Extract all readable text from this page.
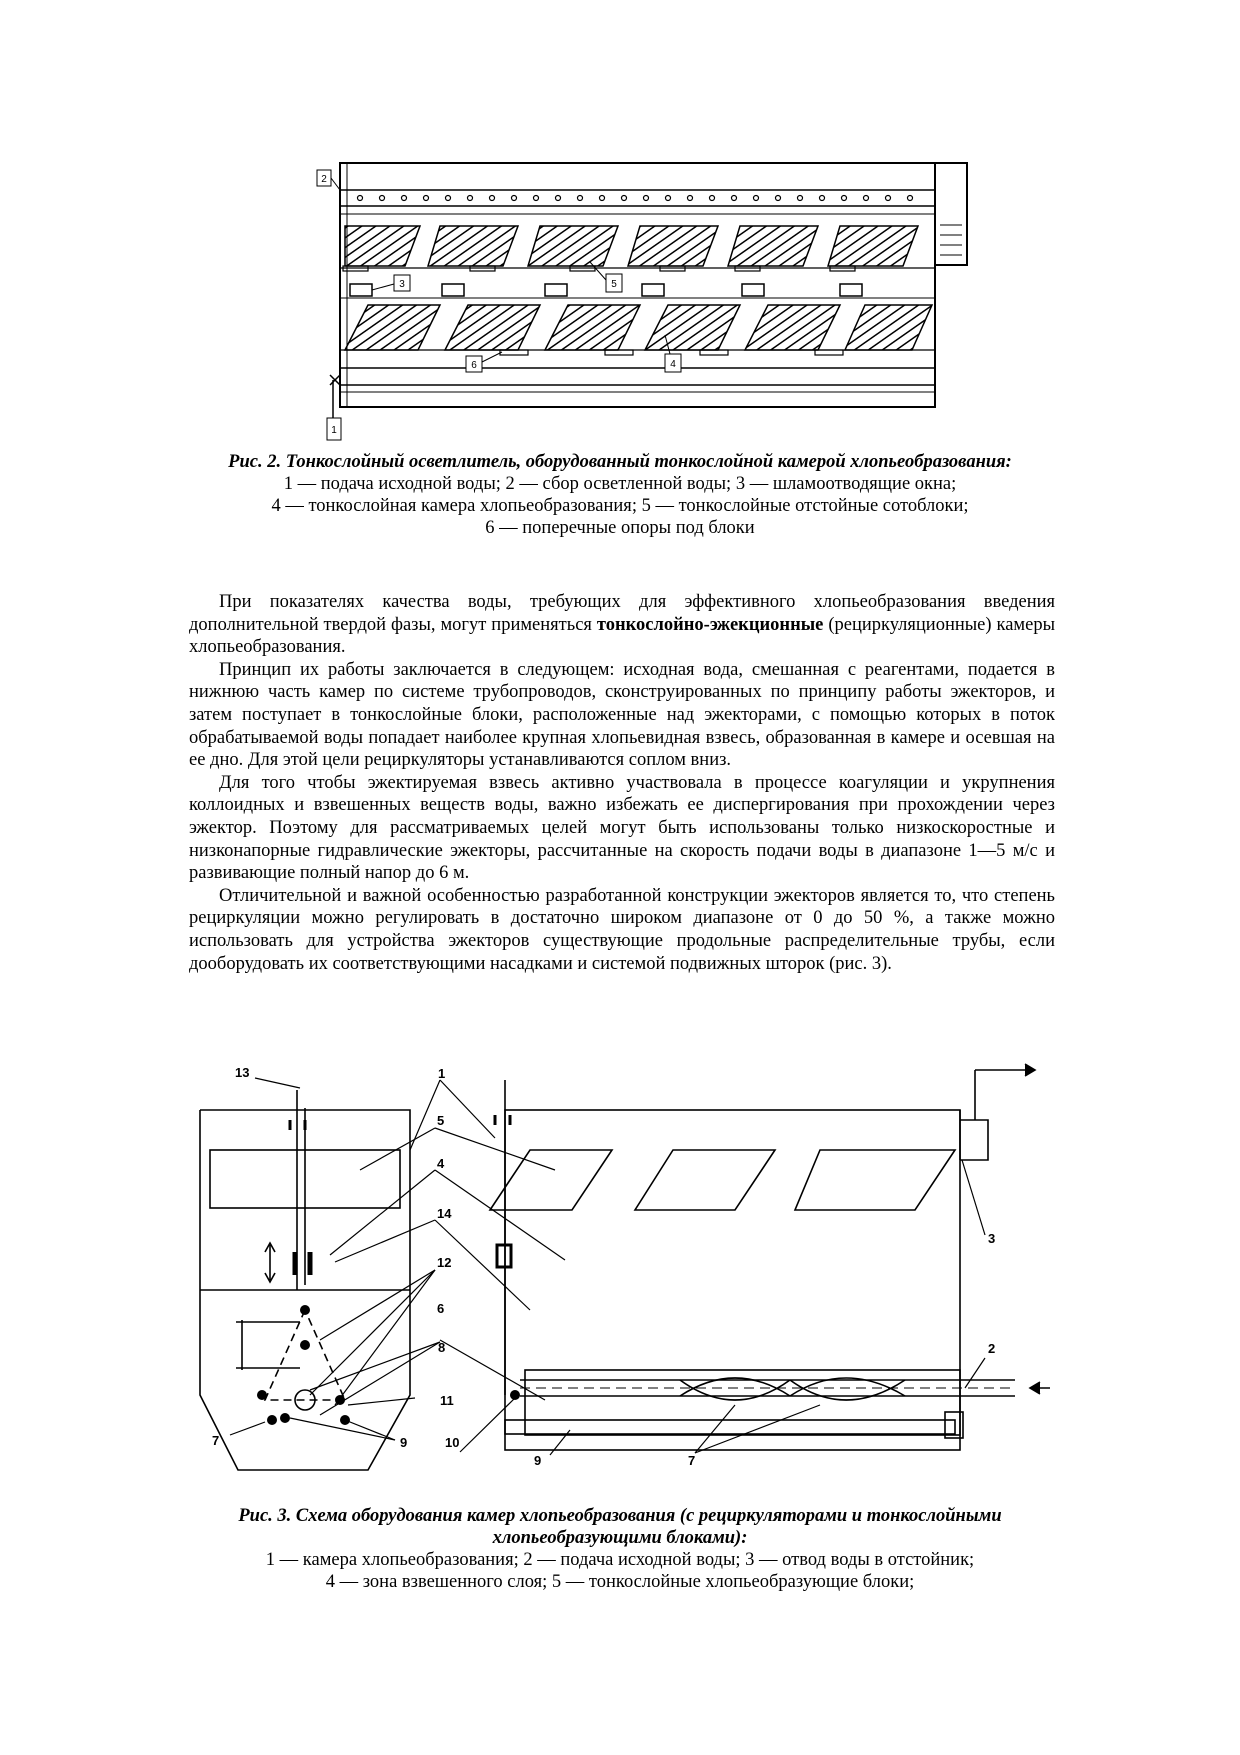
2
3	5
6	4
1
Рис. 2. Тонкослойный осветлитель, оборудованный тонкослойной камерой хлопьеобразования:
1 — подача исходной воды; 2 — сбор осветленной воды; 3 — шламоотводящие окна;
4 — тонкослойная камера хлопьеобразования; 5 — тонкослойные отстойные сотоблоки;
6 — поперечные опоры под блоки

При показателях качества воды, требующих для эффективного хлопьеобразования введения дополнительной твердой фазы, могут применяться тонкослойно-эжекционные (рециркуляционные) камеры хлопьеобразования.

Принцип их работы заключается в следующем: исходная вода, смешанная с реагентами, подается в нижнюю часть камер по системе трубопроводов, сконструированных по принципу работы эжекторов, и затем поступает в тонкослойные блоки, расположенные над эжекторами, с помощью которых в поток обрабатываемой воды попадает наиболее крупная хлопьевидная взвесь, образованная в камере и осевшая на ее дно. Для этой цели рециркуляторы устанавливаются соплом вниз.

Для того чтобы эжектируемая взвесь активно участвовала в процессе коагуляции и укрупнения коллоидных и взвешенных веществ воды, важно избежать ее диспергирования при прохождении через эжектор. Поэтому для рассматриваемых целей могут быть использованы только низкоскоростные и низконапорные гидравлические эжекторы, рассчитанные на скорость подачи воды в диапазоне 1—5 м/с и развивающие полный напор до 6 м.

Отличительной и важной особенностью разработанной конструкции эжекторов является то, что степень рециркуляции можно регулировать в достаточно широком диапазоне от 0 до 50 %, а также можно использовать для устройства эжекторов существующие продольные распределительные трубы, если дооборудовать их соответствующими насадками и системой подвижных шторок (рис. 3).

13	1
5
4
14
12
6
8
11
7	9	10
3
2
9	7
Рис. 3. Схема оборудования камер хлопьеобразования (с рециркуляторами и тонкослойными хлопьеобразующими блоками):
1 — камера хлопьеобразования; 2 — подача исходной воды; 3 — отвод воды в отстойник;
4 — зона взвешенного слоя; 5 — тонкослойные хлопьеобразующие блоки;
